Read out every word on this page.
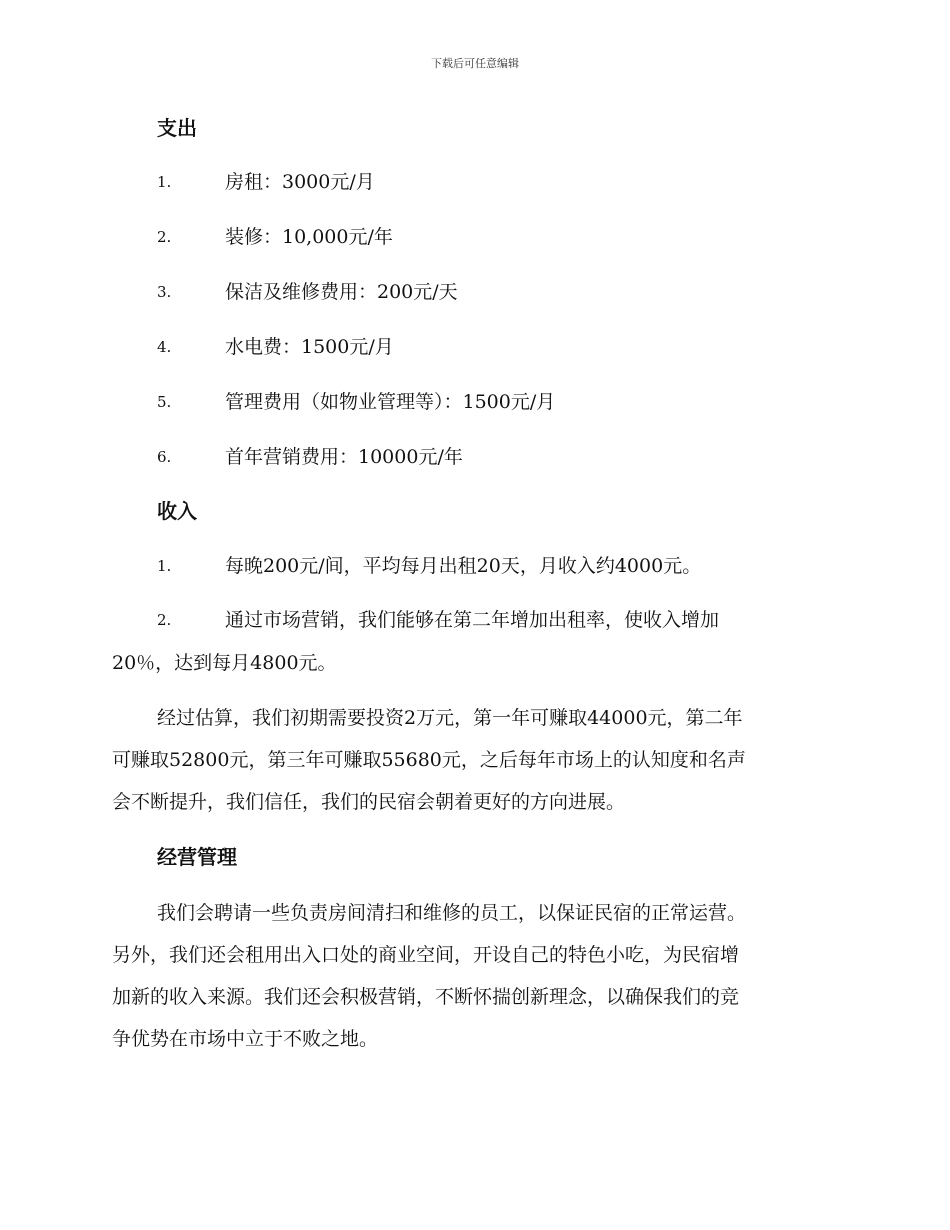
下载后可任意编辑
支出
1.	房租：3000元/月
2.	装修：10,000元/年
3.	保洁及维修费用：200元/天
4.	水电费：1500元/月
5.	管理费用（如物业管理等）：1500元/月
6.	首年营销费用：10000元/年
收入
1.	每晚200元/间，平均每月出租20天，月收入约4000元。
2.	通过市场营销，我们能够在第二年增加出租率，使收入增加
20％，达到每月4800元。
经过估算，我们初期需要投资2万元，第一年可赚取44000元，第二年
可赚取52800元，第三年可赚取55680元，之后每年市场上的认知度和名声
会不断提升，我们信任，我们的民宿会朝着更好的方向进展。
经营管理
我们会聘请一些负责房间清扫和维修的员工，以保证民宿的正常运营。
另外，我们还会租用出入口处的商业空间，开设自己的特色小吃，为民宿增
加新的收入来源。我们还会积极营销，不断怀揣创新理念，以确保我们的竞
争优势在市场中立于不败之地。
